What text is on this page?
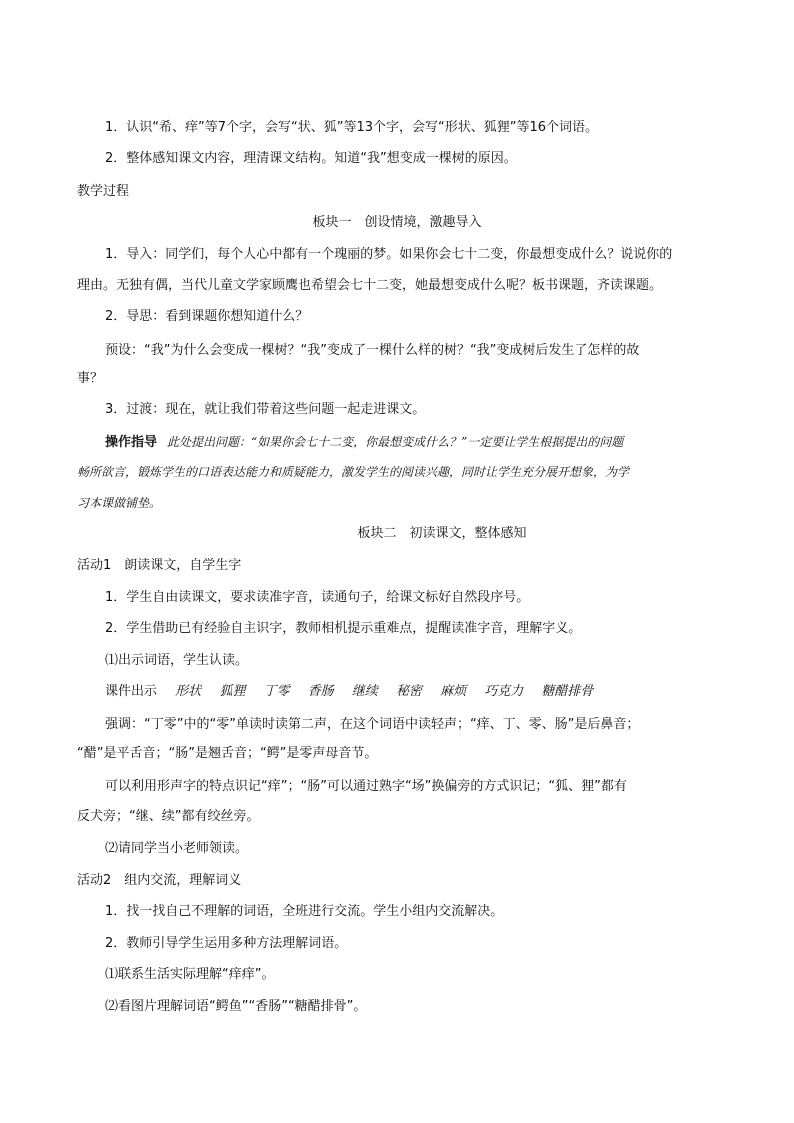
1．认识“希、痒”等7个字，会写“状、狐”等13个字，会写“形状、狐狸”等16个词语。
2．整体感知课文内容，理清课文结构。知道“我”想变成一棵树的原因。
教学过程
板块一　创设情境，激趣导入
1．导入：同学们，每个人心中都有一个瑰丽的梦。如果你会七十二变，你最想变成什么？说说你的
理由。无独有偶，当代儿童文学家顾鹰也希望会七十二变，她最想变成什么呢？板书课题，齐读课题。
2．导思：看到课题你想知道什么？
预设：“我”为什么会变成一棵树？“我”变成了一棵什么样的树？“我”变成树后发生了怎样的故
事？
3．过渡：现在，就让我们带着这些问题一起走进课文。
操作指导 此处提出问题：“如果你会七十二变，你最想变成什么？”一定要让学生根据提出的问题
畅所欲言，锻炼学生的口语表达能力和质疑能力，激发学生的阅读兴趣，同时让学生充分展开想象，为学
习本课做铺垫。
板块二　初读课文，整体感知
活动1　朗读课文，自学生字
1．学生自由读课文，要求读准字音，读通句子，给课文标好自然段序号。
2．学生借助已有经验自主识字，教师相机提示重难点，提醒读准字音，理解字义。
⑴出示词语，学生认读。
课件出示 形状 狐狸 丁零 香肠 继续 秘密 麻烦 巧克力 糖醋排骨
强调：“丁零”中的“零”单读时读第二声，在这个词语中读轻声；“痒、丁、零、肠”是后鼻音；
“醋”是平舌音；“肠”是翘舌音；“鳄”是零声母音节。
可以利用形声字的特点识记“痒”；“肠”可以通过熟字“场”换偏旁的方式识记；“狐、狸”都有
反犬旁；“继、续”都有绞丝旁。
⑵请同学当小老师领读。
活动2　组内交流，理解词义
1．找一找自己不理解的词语，全班进行交流。学生小组内交流解决。
2．教师引导学生运用多种方法理解词语。
⑴联系生活实际理解“痒痒”。
⑵看图片理解词语“鳄鱼”“香肠”“糖醋排骨”。
